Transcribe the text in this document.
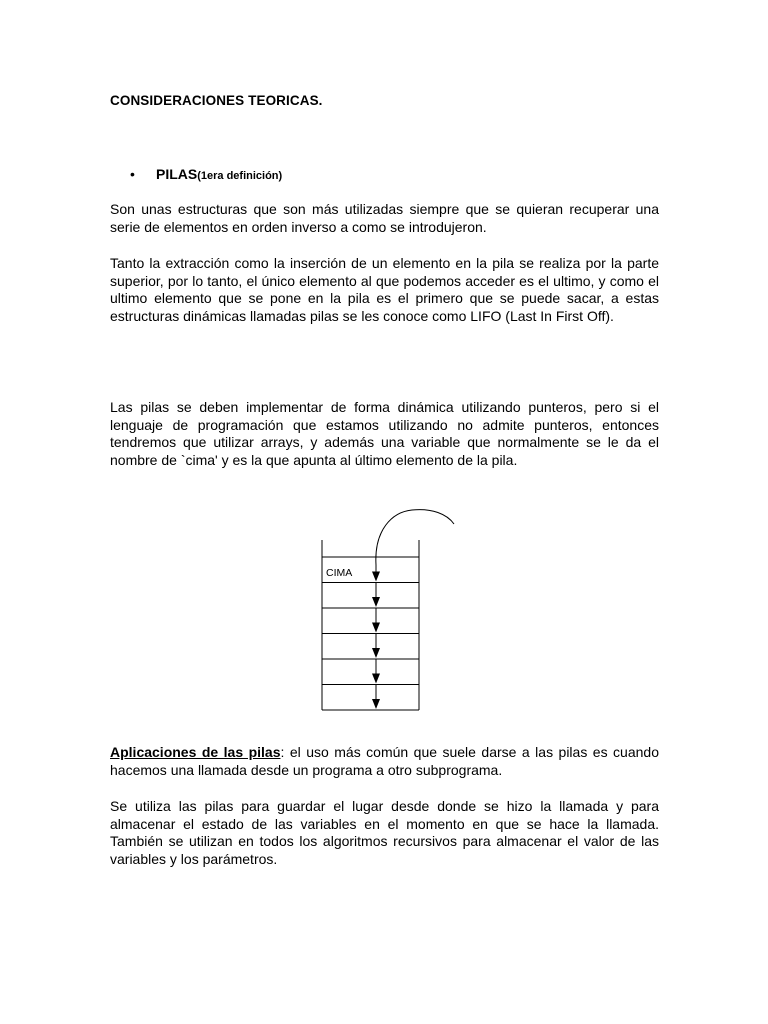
CONSIDERACIONES TEORICAS.
•	PILAS (1era definición)

Son unas estructuras que son más utilizadas siempre que se quieran recuperar una serie de elementos en orden inverso a como se introdujeron.

Tanto la extracción como la inserción de un elemento en la pila se realiza por la parte superior, por lo tanto, el único elemento al que podemos acceder es el ultimo, y como el ultimo elemento que se pone en la pila es el primero que se puede sacar, a estas estructuras dinámicas llamadas pilas se les conoce como LIFO (Last In First Off).

Las pilas se deben implementar de forma dinámica utilizando punteros, pero si el lenguaje de programación que estamos utilizando no admite punteros, entonces tendremos que utilizar arrays, y además una variable que normalmente se le da el nombre de `cima' y es la que apunta al último elemento de la pila.

CIMA

Aplicaciones de las pilas: el uso más común que suele darse a las pilas es cuando hacemos una llamada desde un programa a otro subprograma.

Se utiliza las pilas para guardar el lugar desde donde se hizo la llamada y para almacenar el estado de las variables en el momento en que se hace la llamada. También se utilizan en todos los algoritmos recursivos para almacenar el valor de las variables y los parámetros.
